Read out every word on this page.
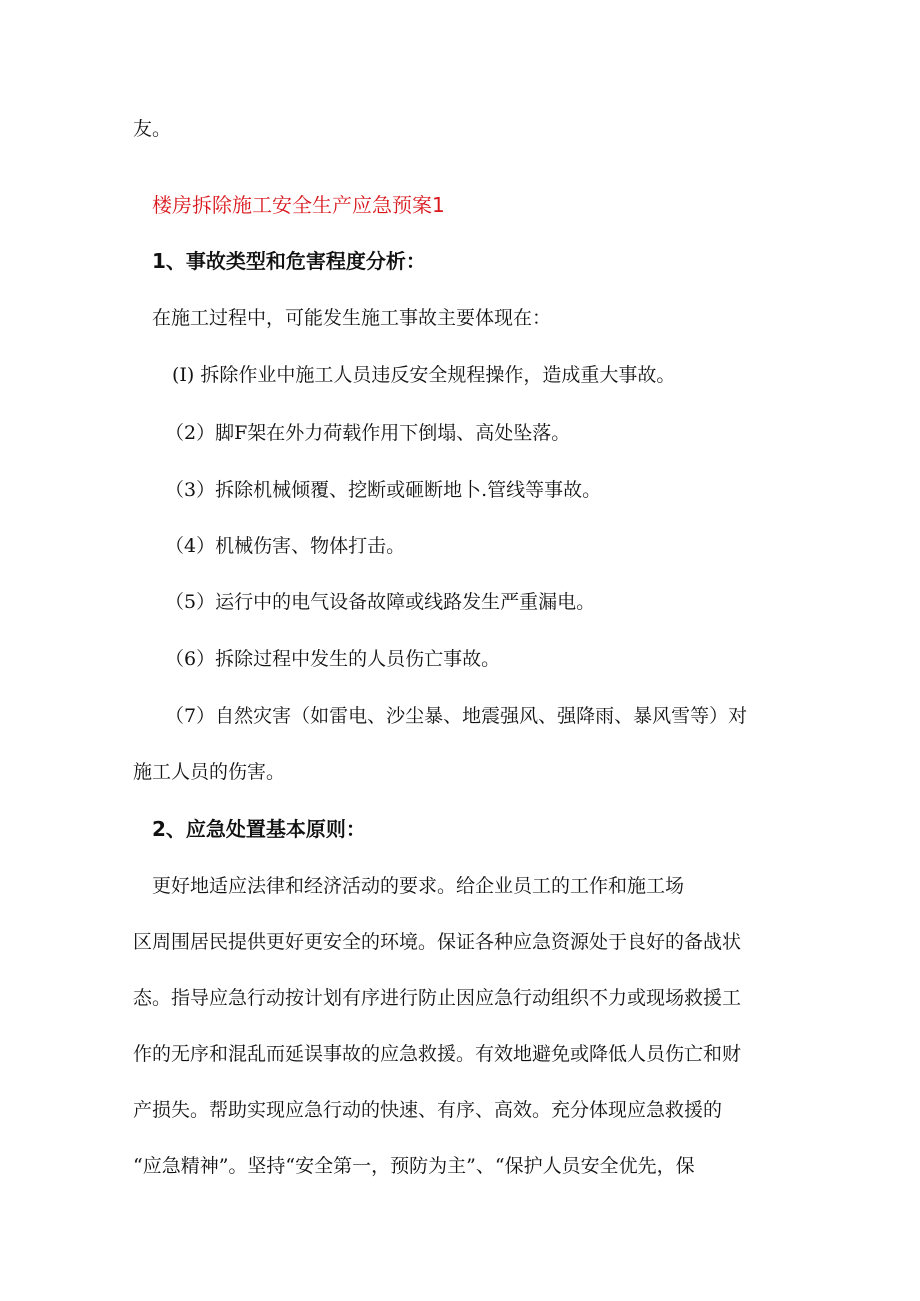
友。
楼房拆除施工安全生产应急预案1
1、事故类型和危害程度分析：
在施工过程中，可能发生施工事故主要体现在：
(I) 拆除作业中施工人员违反安全规程操作，造成重大事故。
（2）脚F架在外力荷载作用下倒塌、高处坠落。
（3）拆除机械倾覆、挖断或砸断地卜.管线等事故。
（4）机械伤害、物体打击。
（5）运行中的电气设备故障或线路发生严重漏电。
（6）拆除过程中发生的人员伤亡事故。
（7）自然灾害（如雷电、沙尘暴、地震强风、强降雨、暴风雪等）对
施工人员的伤害。
2、应急处置基本原则：
更好地适应法律和经济活动的要求。给企业员工的工作和施工场
区周围居民提供更好更安全的环境。保证各种应急资源处于良好的备战状
态。指导应急行动按计划有序进行防止因应急行动组织不力或现场救援工
作的无序和混乱而延误事故的应急救援。有效地避免或降低人员伤亡和财
产损失。帮助实现应急行动的快速、有序、高效。充分体现应急救援的
“应急精神”。坚持“安全第一，预防为主”、“保护人员安全优先，保
